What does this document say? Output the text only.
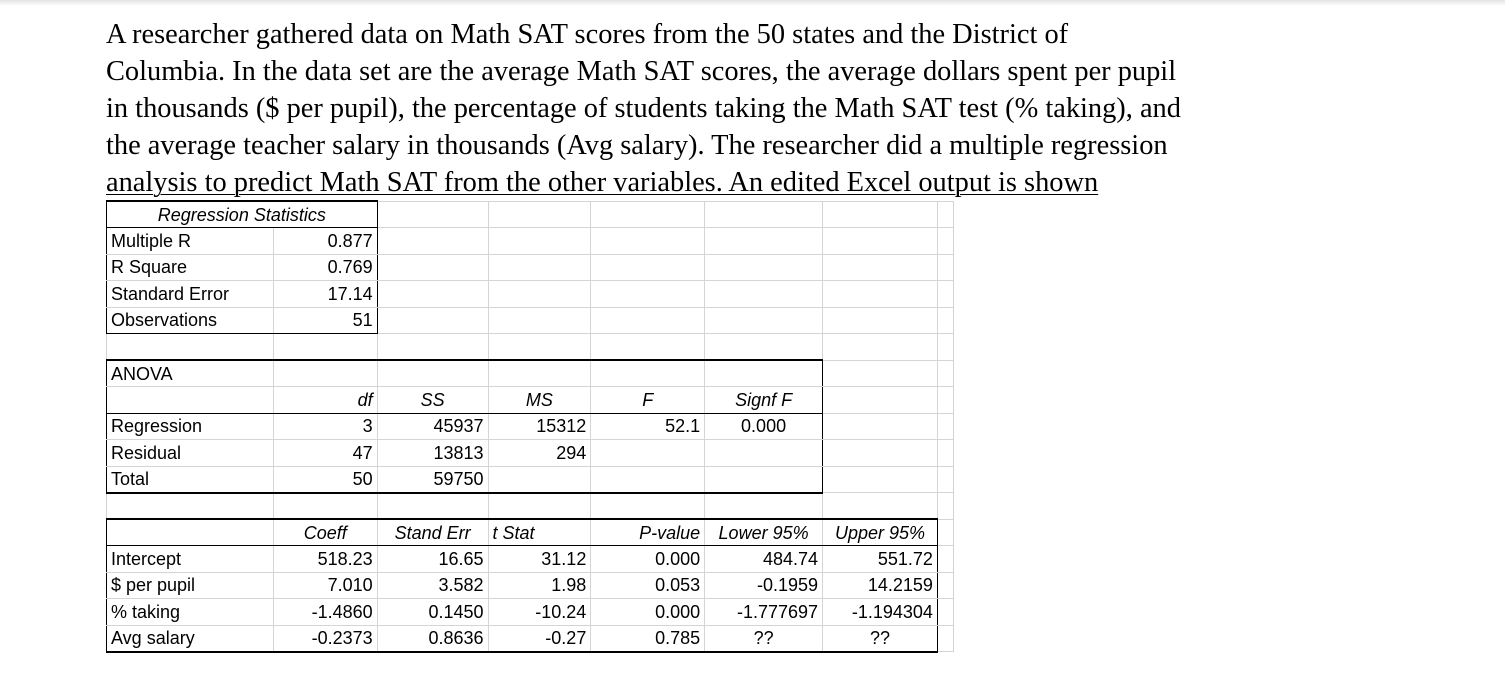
A researcher gathered data on Math SAT scores from the 50 states and the District of
Columbia. In the data set are the average Math SAT scores, the average dollars spent per pupil
in thousands ($ per pupil), the percentage of students taking the Math SAT test (% taking), and
the average teacher salary in thousands (Avg salary). The researcher did a multiple regression
analysis to predict Math SAT from the other variables. An edited Excel output is shown
Regression Statistics							
Multiple R	0.877						
R Square	0.769						
Standard Error	17.14						
Observations	51						

ANOVA							
	df	SS	MS	F	Signf F		
Regression	3	45937	15312	52.1	0.000		
Residual	47	13813	294				
Total	50	59750					

	Coeff	Stand Err	t Stat	P-value	Lower 95%	Upper 95%	
Intercept	518.23	16.65	31.12	0.000	484.74	551.72	
$ per pupil	7.010	3.582	1.98	0.053	-0.1959	14.2159	
% taking	-1.4860	0.1450	-10.24	0.000	-1.777697	-1.194304	
Avg salary	-0.2373	0.8636	-0.27	0.785	??	??	
